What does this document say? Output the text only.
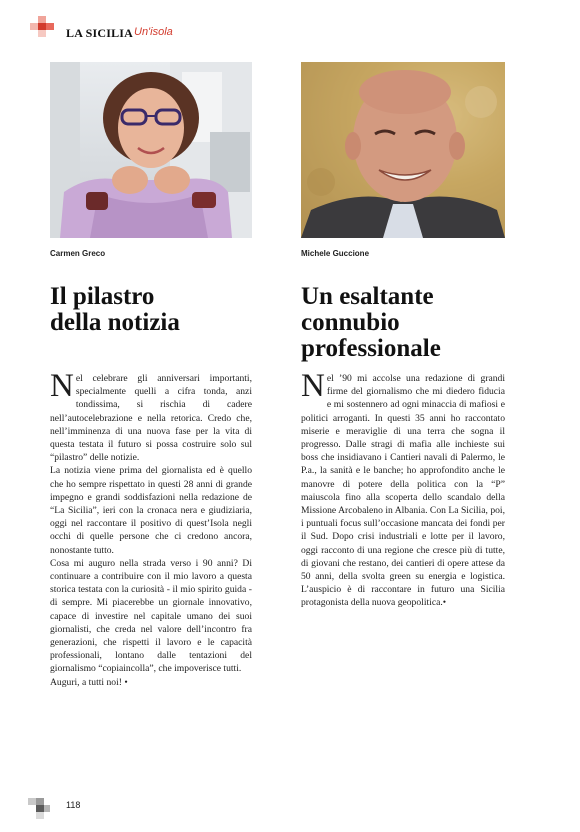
LA SICILIA Un'isola
Carmen Greco	Michele Guccione
Il pilastro
della notizia
Un esaltante
connubio
professionale

Nel celebrare gli anniversari importanti, specialmente quelli a cifra tonda, anzi tondissima, si rischia di cadere nell’autocelebrazione e nella retorica. Credo che, nell’imminenza di una nuova fase per la vita di questa testata il futuro si possa costruire solo sul “pilastro” delle notizie.

La notizia viene prima del giornalista ed è quello che ho sempre rispettato in questi 28 anni di grande impegno e grandi soddisfazioni nella redazione de “La Sicilia”, ieri con la cronaca nera e giudiziaria, oggi nel raccontare il positivo di quest’Isola negli occhi di quelle persone che ci credono ancora, nonostante tutto.

Cosa mi auguro nella strada verso i 90 anni? Di continuare a contribuire con il mio lavoro a questa storica testata con la curiosità - il mio spirito guida - di sempre. Mi piacerebbe un giornale innovativo, capace di investire nel capitale umano dei suoi giornalisti, che creda nel valore dell’incontro fra generazioni, che rispetti il lavoro e le capacità professionali, lontano dalle tentazioni del giornalismo “copiaincolla”, che impoverisce tutti.

Auguri, a tutti noi! •

Nel ’90 mi accolse una redazione di grandi firme del giornalismo che mi diedero fiducia e mi sostennero ad ogni minaccia di mafiosi e politici arroganti. In questi 35 anni ho raccontato miserie e meraviglie di una terra che sogna il progresso. Dalle stragi di mafia alle inchieste sui boss che insidiavano i Cantieri navali di Palermo, le P.a., la sanità e le banche; ho approfondito anche le manovre di potere della politica con la “P” maiuscola fino alla scoperta dello scandalo della Missione Arcobaleno in Albania. Con La Sicilia, poi, i puntuali focus sull’occasione mancata dei fondi per il Sud. Dopo crisi industriali e lotte per il lavoro, oggi racconto di una regione che cresce più di tutte, di giovani che restano, dei cantieri di opere attese da 50 anni, della svolta green su energia e logistica. L’auspicio è di raccontare in futuro una Sicilia protagonista della nuova geopolitica.•

118
